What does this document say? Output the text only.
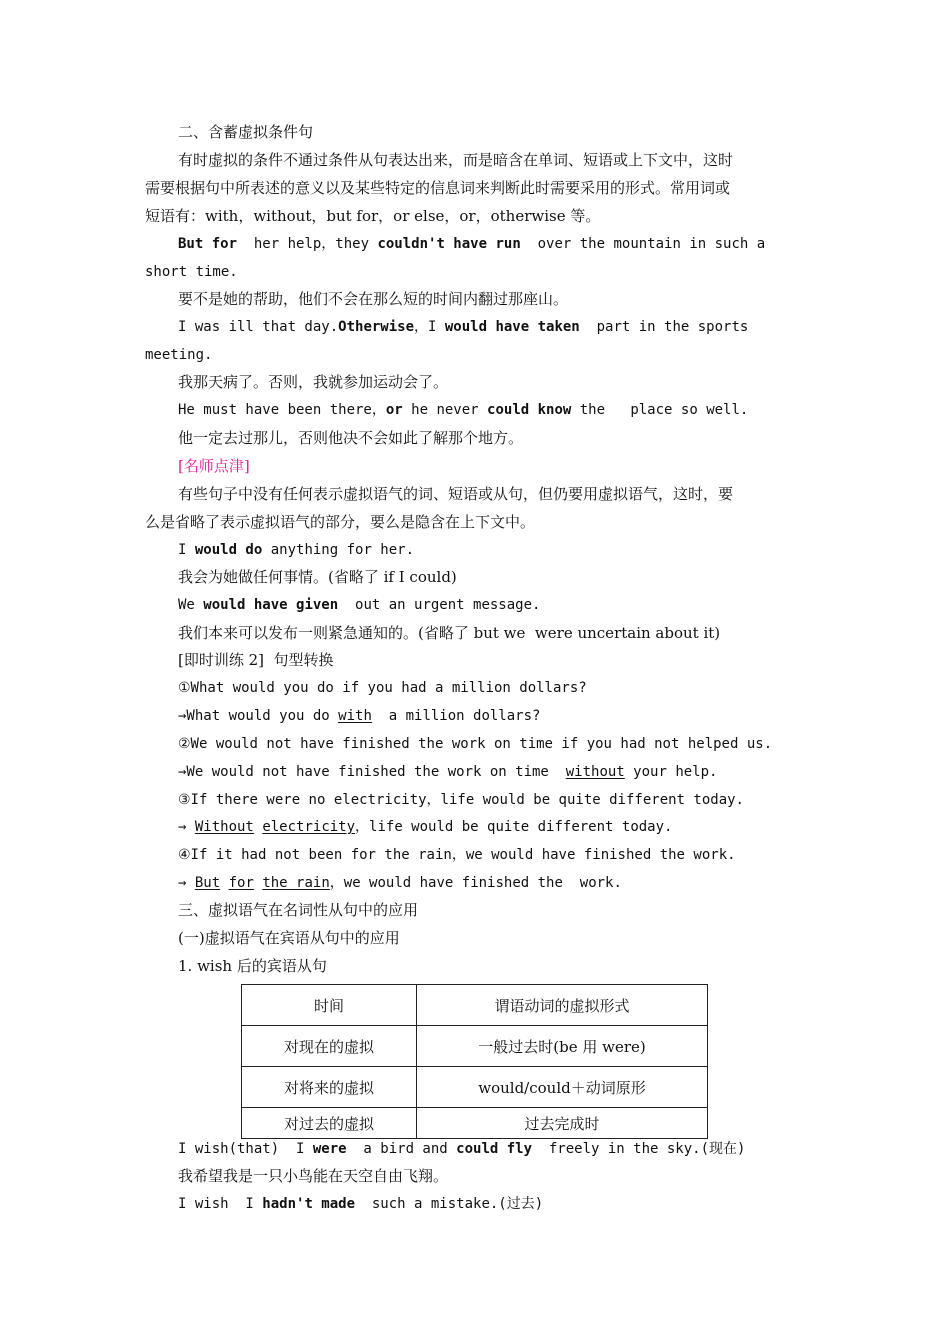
二、含蓄虚拟条件句
有时虚拟的条件不通过条件从句表达出来，而是暗含在单词、短语或上下文中，这时
需要根据句中所表述的意义以及某些特定的信息词来判断此时需要采用的形式。常用词或
短语有：with，without，but for，or else，or，otherwise 等。
But for  her help，they couldn't have run  over the mountain in such a
short time.
要不是她的帮助，他们不会在那么短的时间内翻过那座山。
I was ill that day.Otherwise，I would have taken  part in the sports
meeting.
我那天病了。否则，我就参加运动会了。
He must have been there，or he never could know the   place so well.
他一定去过那儿，否则他决不会如此了解那个地方。
[名师点津]
有些句子中没有任何表示虚拟语气的词、短语或从句，但仍要用虚拟语气，这时，要
么是省略了表示虚拟语气的部分，要么是隐含在上下文中。
I would do anything for her.
我会为她做任何事情。(省略了 if I could)
We would have given  out an urgent message.
我们本来可以发布一则紧急通知的。(省略了 but we  were uncertain about it)
[即时训练 2]  句型转换
①What would you do if you had a million dollars?
→What would you do with  a million dollars?
②We would not have finished the work on time if you had not helped us.
→We would not have finished the work on time  without your help.
③If there were no electricity，life would be quite different today.
→ Without electricity，life would be quite different today.
④If it had not been for the rain，we would have finished the work.
→ But for the rain，we would have finished the  work.
三、虚拟语气在名词性从句中的应用
(一)虚拟语气在宾语从句中的应用
1. wish 后的宾语从句
时间	谓语动词的虚拟形式
对现在的虚拟	一般过去时(be 用 were)
对将来的虚拟	would/could＋动词原形
对过去的虚拟	过去完成时
I wish(that)  I were  a bird and could fly  freely in the sky.(现在)
我希望我是一只小鸟能在天空自由飞翔。
I wish  I hadn't made  such a mistake.(过去)
